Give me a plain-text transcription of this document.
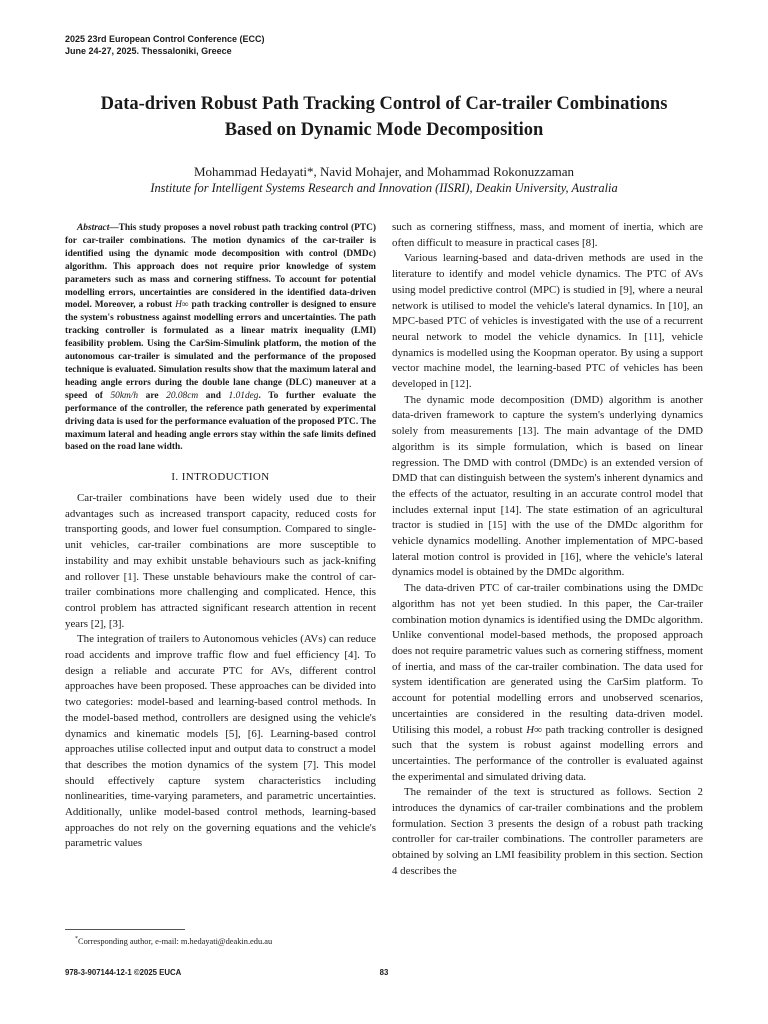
2025 23rd European Control Conference (ECC)
June 24-27, 2025. Thessaloniki, Greece
Data-driven Robust Path Tracking Control of Car-trailer Combinations
Based on Dynamic Mode Decomposition
Mohammad Hedayati*, Navid Mohajer, and Mohammad Rokonuzzaman
Institute for Intelligent Systems Research and Innovation (IISRI), Deakin University, Australia

Abstract—This study proposes a novel robust path tracking control (PTC) for car-trailer combinations. The motion dynamics of the car-trailer is identified using the dynamic mode decomposition with control (DMDc) algorithm. This approach does not require prior knowledge of system parameters such as mass and cornering stiffness. To account for potential modelling errors, uncertainties are considered in the identified data-driven model. Moreover, a robust H∞ path tracking controller is designed to ensure the system's robustness against modelling errors and uncertainties. The path tracking controller is formulated as a linear matrix inequality (LMI) feasibility problem. Using the CarSim-Simulink platform, the motion of the autonomous car-trailer is simulated and the performance of the proposed technique is evaluated. Simulation results show that the maximum lateral and heading angle errors during the double lane change (DLC) maneuver at a speed of 50km/h are 20.08cm and 1.01deg. To further evaluate the performance of the controller, the reference path generated by experimental driving data is used for the performance evaluation of the proposed PTC. The maximum lateral and heading angle errors stay within the safe limits defined based on the road lane width.

I. INTRODUCTION

Car-trailer combinations have been widely used due to their advantages such as increased transport capacity, reduced costs for transporting goods, and lower fuel consumption. Compared to single-unit vehicles, car-trailer combinations are more susceptible to instability and may exhibit unstable behaviours such as jack-knifing and rollover [1]. These unstable behaviours make the control of car-trailer combinations more challenging and complicated. Hence, this control problem has attracted significant research attention in recent years [2], [3].

The integration of trailers to Autonomous vehicles (AVs) can reduce road accidents and improve traffic flow and fuel efficiency [4]. To design a reliable and accurate PTC for AVs, different control approaches have been proposed. These approaches can be divided into two categories: model-based and learning-based control methods. In the model-based method, controllers are designed using the vehicle's dynamics and kinematic models [5], [6]. Learning-based control approaches utilise collected input and output data to construct a model that describes the motion dynamics of the system [7]. This model should effectively capture system characteristics including nonlinearities, time-varying parameters, and parametric uncertainties. Additionally, unlike model-based control methods, learning-based approaches do not rely on the governing equations and the vehicle's parametric values

such as cornering stiffness, mass, and moment of inertia, which are often difficult to measure in practical cases [8].

Various learning-based and data-driven methods are used in the literature to identify and model vehicle dynamics. The PTC of AVs using model predictive control (MPC) is studied in [9], where a neural network is utilised to model the vehicle's lateral dynamics. In [10], an MPC-based PTC of vehicles is investigated with the use of a recurrent neural network to model the vehicle dynamics. In [11], vehicle dynamics is modelled using the Koopman operator. By using a support vector machine model, the learning-based PTC of vehicles has been developed in [12].

The dynamic mode decomposition (DMD) algorithm is another data-driven framework to capture the system's underlying dynamics solely from measurements [13]. The main advantage of the DMD algorithm is its simple formulation, which is based on linear regression. The DMD with control (DMDc) is an extended version of DMD that can distinguish between the system's inherent dynamics and the effects of the actuator, resulting in an accurate control model that includes external input [14]. The state estimation of an agricultural tractor is studied in [15] with the use of the DMDc algorithm for vehicle dynamics modelling. Another implementation of MPC-based lateral motion control is provided in [16], where the vehicle's lateral dynamics model is obtained by the DMDc algorithm.

The data-driven PTC of car-trailer combinations using the DMDc algorithm has not yet been studied. In this paper, the Car-trailer combination motion dynamics is identified using the DMDc algorithm. Unlike conventional model-based methods, the proposed approach does not require parametric values such as cornering stiffness, moment of inertia, and mass of the car-trailer combination. The data used for system identification are generated using the CarSim platform. To account for potential modelling errors and unobserved scenarios, uncertainties are considered in the resulting data-driven model. Utilising this model, a robust H∞ path tracking controller is designed such that the system is robust against modelling errors and uncertainties. The performance of the controller is evaluated against the experimental and simulated driving data.

The remainder of the text is structured as follows. Section 2 introduces the dynamics of car-trailer combinations and the problem formulation. Section 3 presents the design of a robust path tracking controller for car-trailer combinations. The controller parameters are obtained by solving an LMI feasibility problem in this section. Section 4 describes the

*Corresponding author, e-mail: m.hedayati@deakin.edu.au
978-3-907144-12-1 ©2025 EUCA	83
